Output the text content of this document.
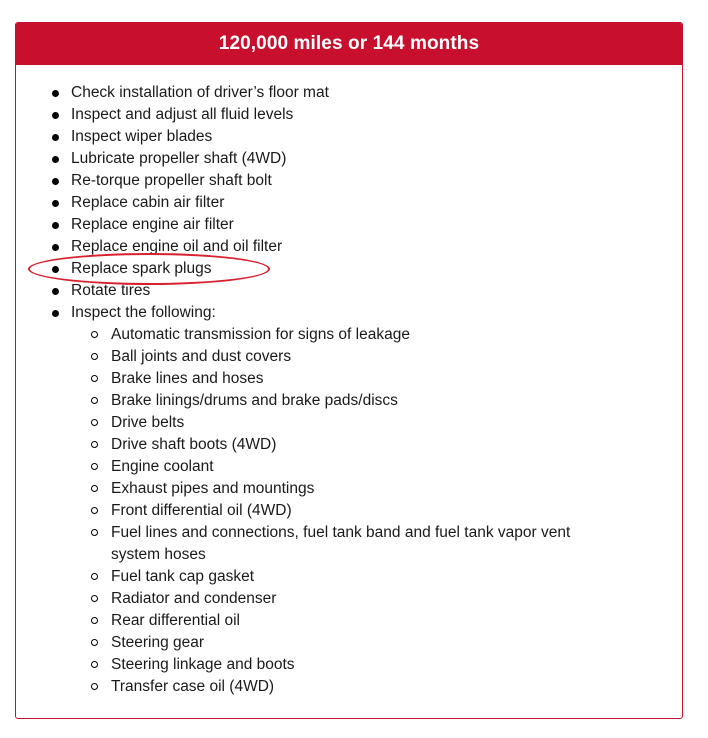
120,000 miles or 144 months
Check installation of driver’s floor mat
Inspect and adjust all fluid levels
Inspect wiper blades
Lubricate propeller shaft (4WD)
Re-torque propeller shaft bolt
Replace cabin air filter
Replace engine air filter
Replace engine oil and oil filter
Replace spark plugs
Rotate tires
Inspect the following:
Automatic transmission for signs of leakage
Ball joints and dust covers
Brake lines and hoses
Brake linings/drums and brake pads/discs
Drive belts
Drive shaft boots (4WD)
Engine coolant
Exhaust pipes and mountings
Front differential oil (4WD)
Fuel lines and connections, fuel tank band and fuel tank vapor vent system hoses
Fuel tank cap gasket
Radiator and condenser
Rear differential oil
Steering gear
Steering linkage and boots
Transfer case oil (4WD)
